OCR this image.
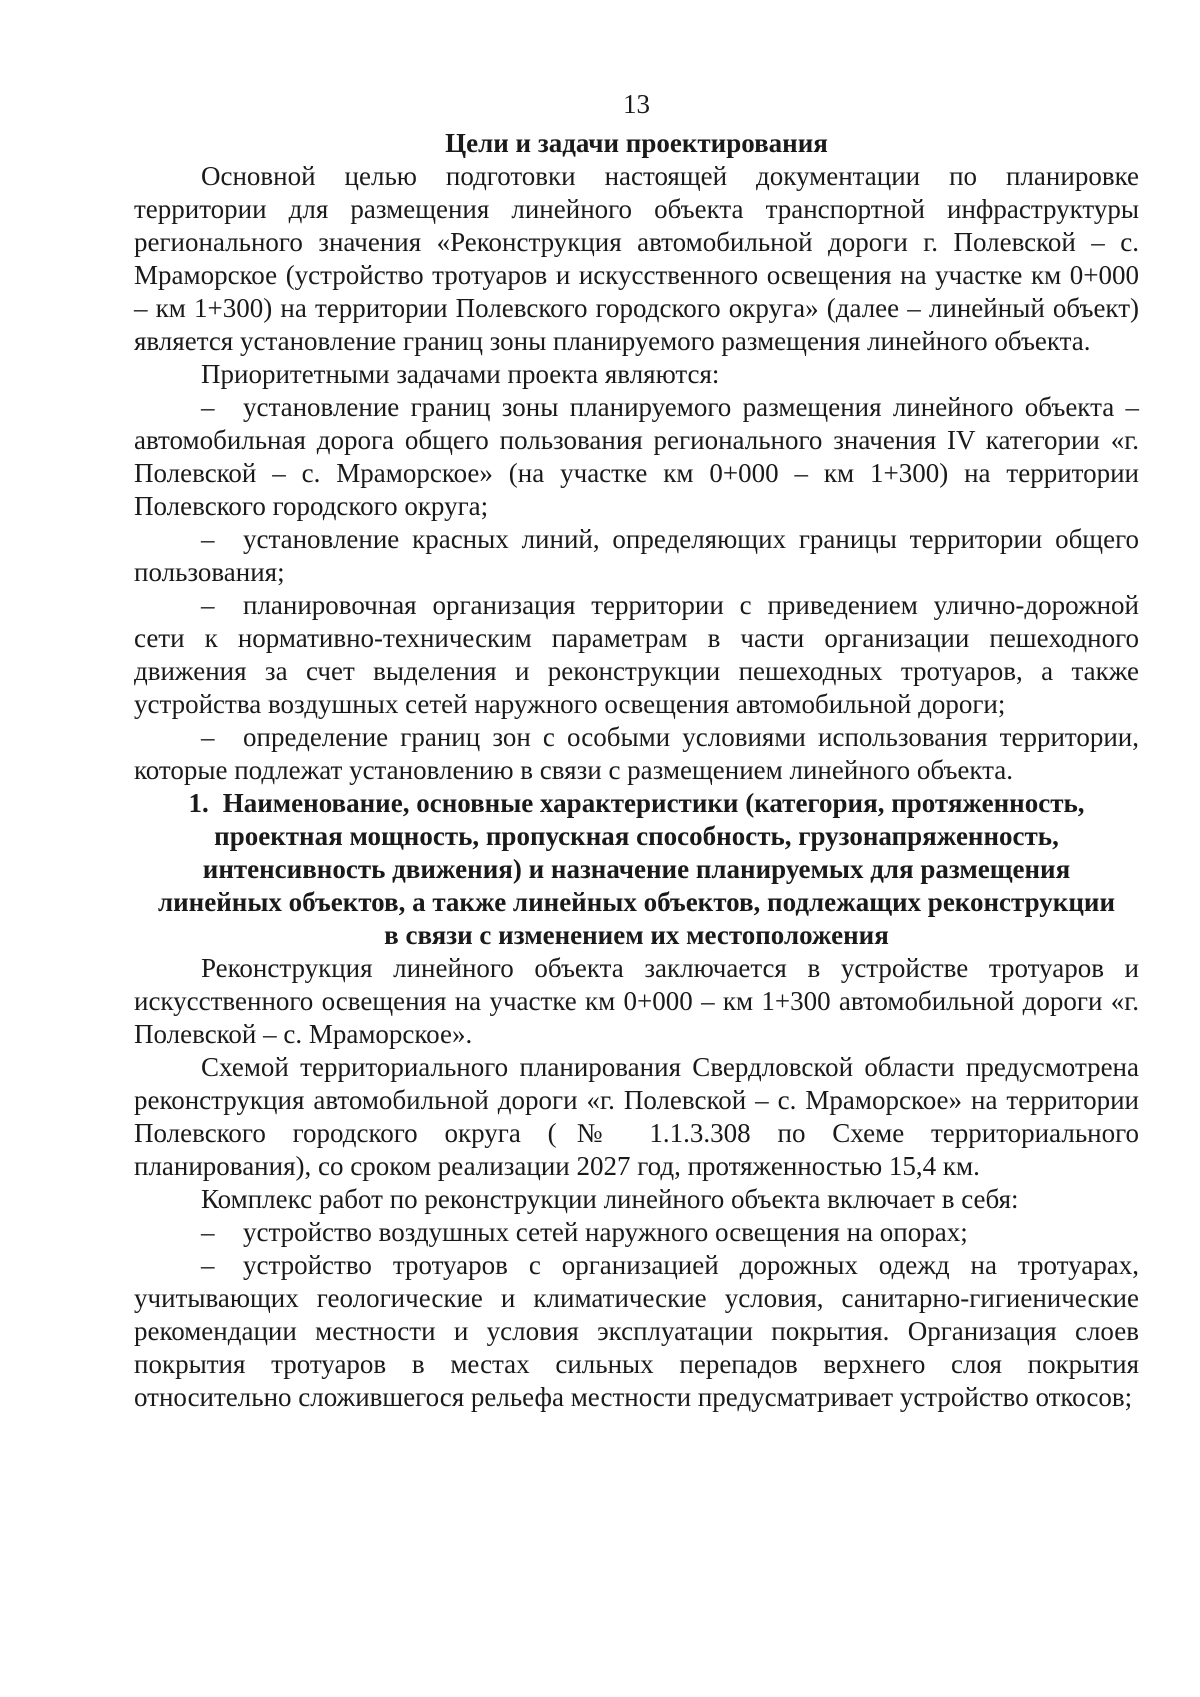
13
Цели и задачи проектирования

Основной целью подготовки настоящей документации по планировке территории для размещения линейного объекта транспортной инфраструктуры регионального значения «Реконструкция автомобильной дороги г. Полевской – с. Мраморское (устройство тротуаров и искусственного освещения на участке км 0+000 – км 1+300) на территории Полевского городского округа» (далее – линейный объект) является установление границ зоны планируемого размещения линейного объекта.

Приоритетными задачами проекта являются:

– установление границ зоны планируемого размещения линейного объекта – автомобильная дорога общего пользования регионального значения IV категории «г. Полевской – с. Мраморское» (на участке км 0+000 – км 1+300) на территории Полевского городского округа;

– установление красных линий, определяющих границы территории общего пользования;

– планировочная организация территории с приведением улично-дорожной сети к нормативно-техническим параметрам в части организации пешеходного движения за счет выделения и реконструкции пешеходных тротуаров, а также устройства воздушных сетей наружного освещения автомобильной дороги;

– определение границ зон с особыми условиями использования территории, которые подлежат установлению в связи с размещением линейного объекта.

1. Наименование, основные характеристики (категория, протяженность, проектная мощность, пропускная способность, грузонапряженность, интенсивность движения) и назначение планируемых для размещения линейных объектов, а также линейных объектов, подлежащих реконструкции в связи с изменением их местоположения

Реконструкция линейного объекта заключается в устройстве тротуаров и искусственного освещения на участке км 0+000 – км 1+300 автомобильной дороги «г. Полевской – с. Мраморское».

Схемой территориального планирования Свердловской области предусмотрена реконструкция автомобильной дороги «г. Полевской – с. Мраморское» на территории Полевского городского округа (№ 1.1.3.308 по Схеме территориального планирования), со сроком реализации 2027 год, протяженностью 15,4 км.

Комплекс работ по реконструкции линейного объекта включает в себя:

– устройство воздушных сетей наружного освещения на опорах;

– устройство тротуаров с организацией дорожных одежд на тротуарах, учитывающих геологические и климатические условия, санитарно-гигиенические рекомендации местности и условия эксплуатации покрытия. Организация слоев покрытия тротуаров в местах сильных перепадов верхнего слоя покрытия относительно сложившегося рельефа местности предусматривает устройство откосов;
